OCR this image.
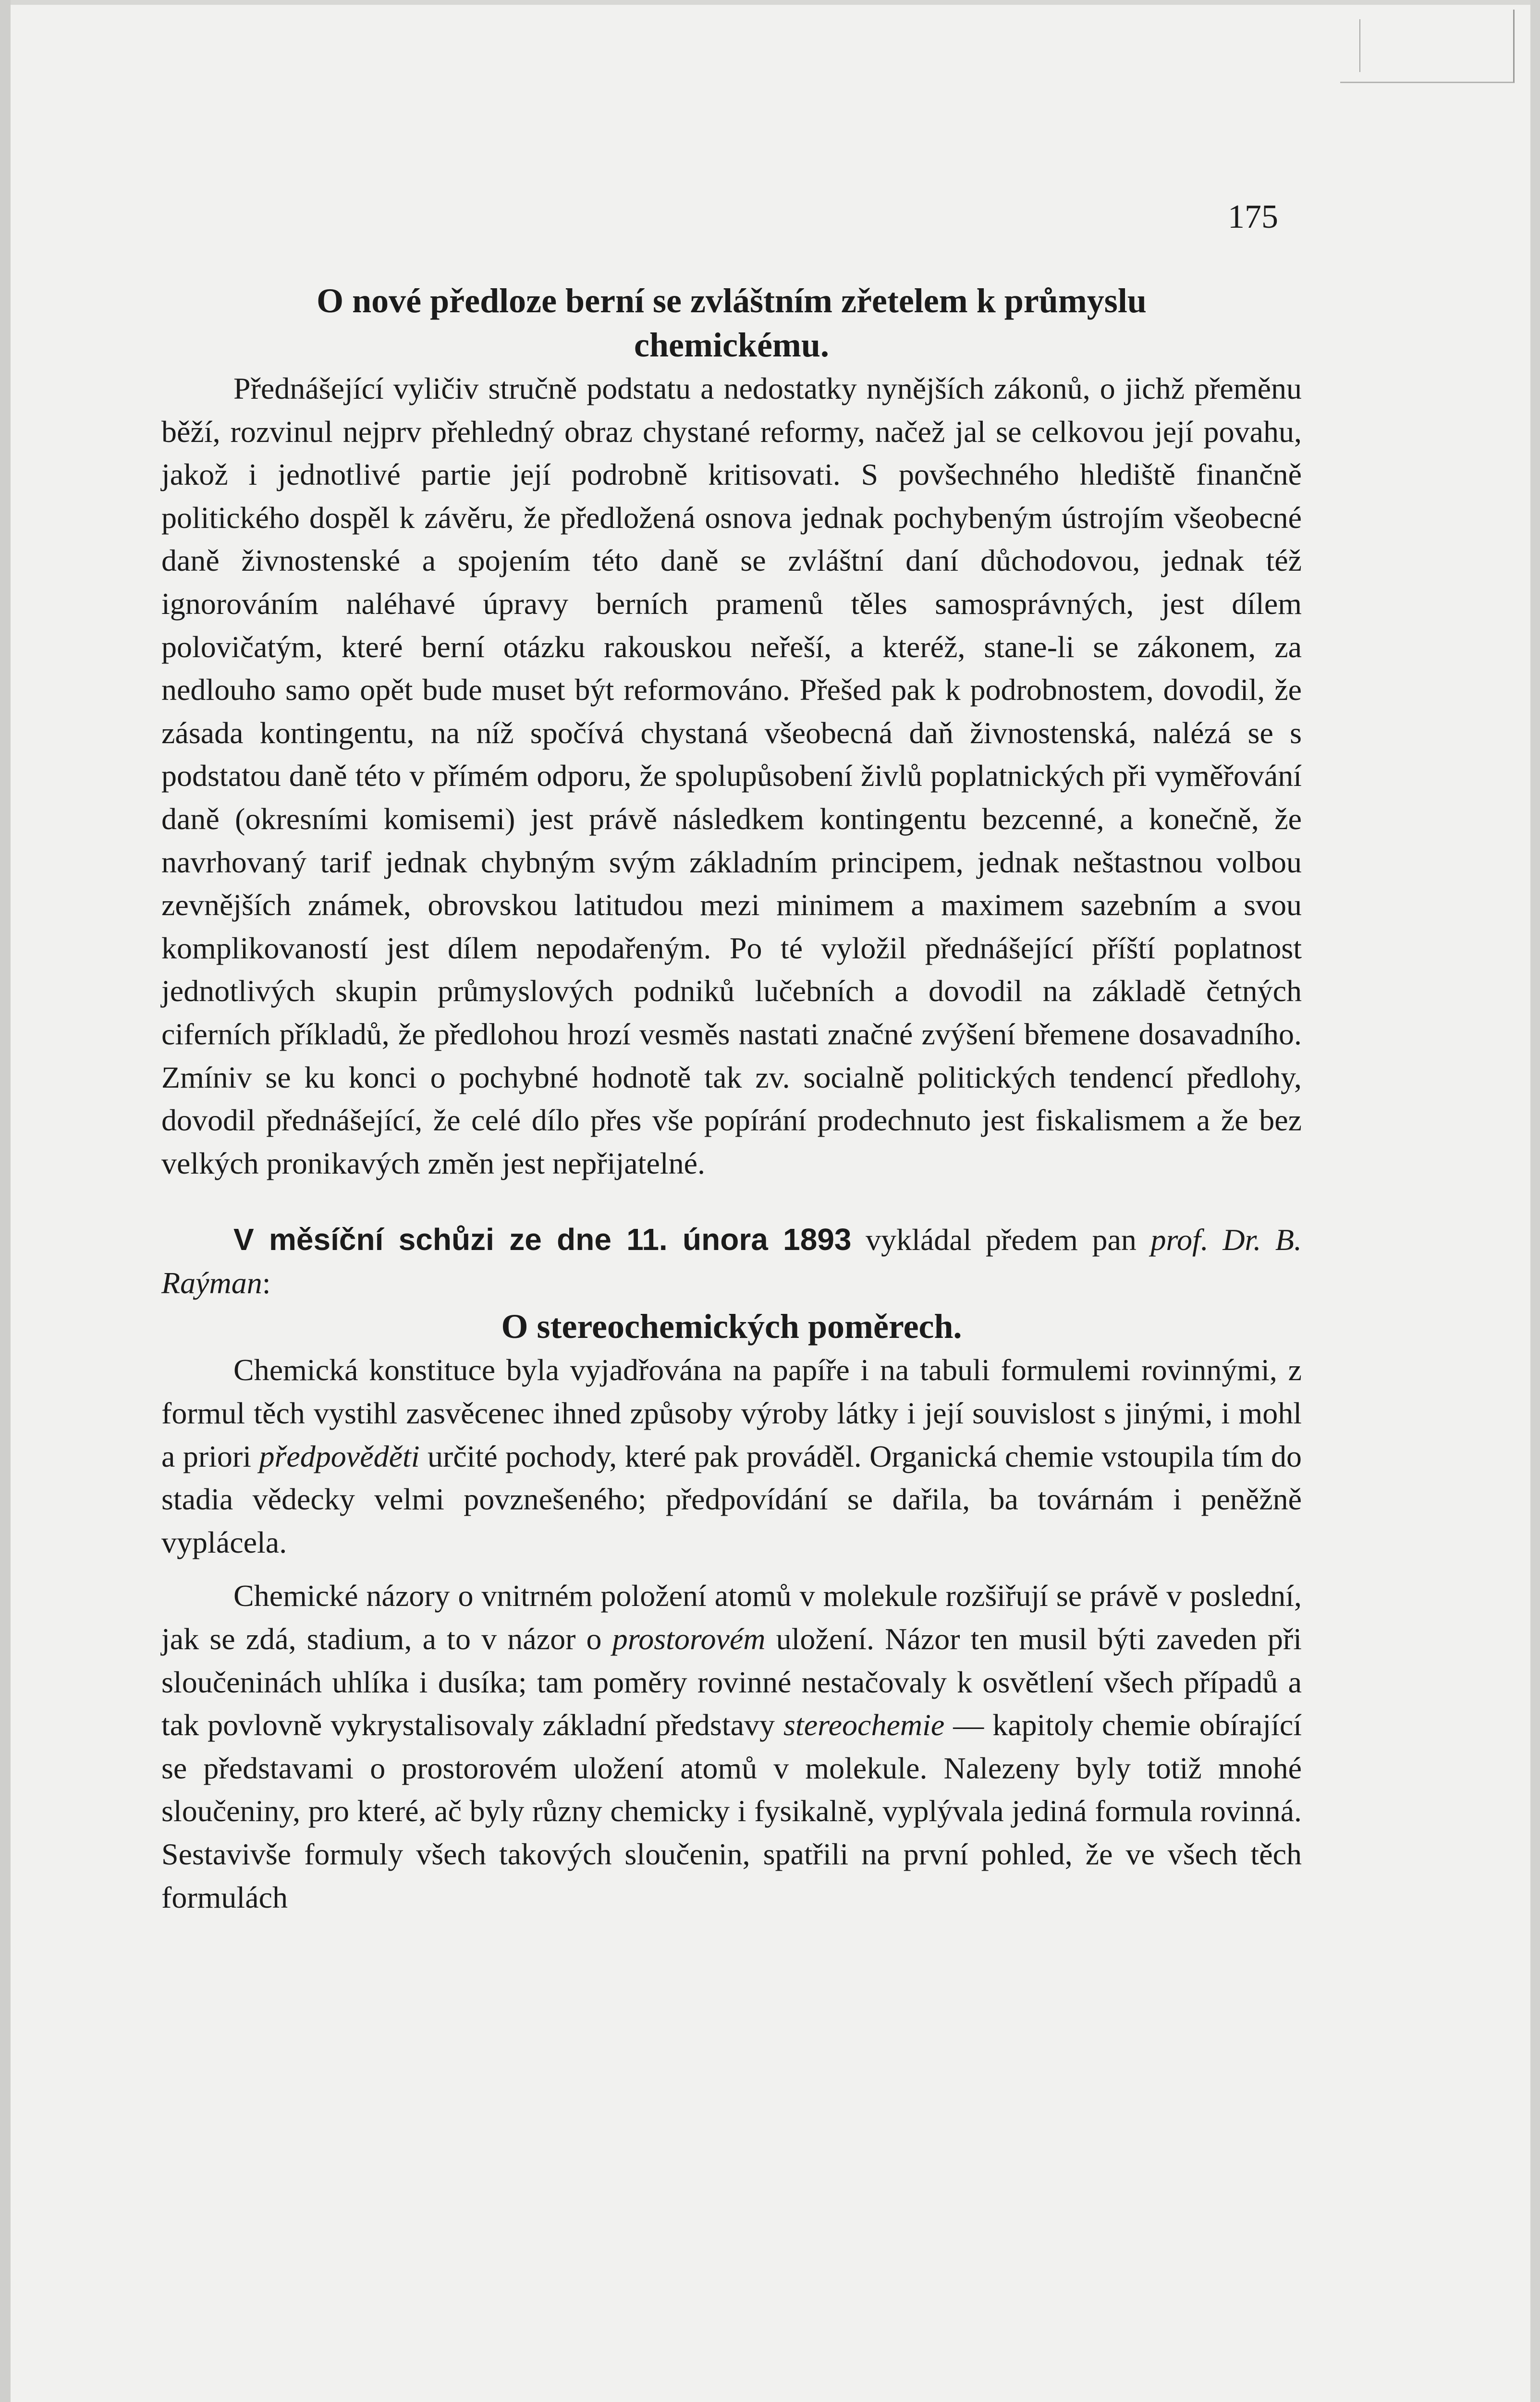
175
O nové předloze berní se zvláštním zřetelem k průmyslu
chemickému.

Přednášející vyličiv stručně podstatu a nedostatky nynějších zákonů, o jichž přeměnu běží, rozvinul nejprv přehledný obraz chystané reformy, načež jal se celkovou její povahu, jakož i jednotlivé partie její podrobně kritisovati. S povšechného hlediště finančně politického dospěl k závěru, že předložená osnova jednak pochybeným ústrojím všeobecné daně živnostenské a spojením této daně se zvláštní daní důchodovou, jednak též ignorováním naléhavé úpravy berních pramenů těles samosprávných, jest dílem polovičatým, které berní otázku rakouskou neřeší, a kteréž, stane-li se zákonem, za nedlouho samo opět bude muset být reformováno. Přešed pak k podrobnostem, dovodil, že zásada kontingentu, na níž spočívá chystaná všeobecná daň živnostenská, nalézá se s podstatou daně této v přímém odporu, že spolupůsobení živlů poplatnických při vyměřování daně (okresními komisemi) jest právě následkem kontingentu bezcenné, a konečně, že navrhovaný tarif jednak chybným svým základním principem, jednak neštastnou volbou zevnějších známek, obrovskou latitudou mezi minimem a maximem sazebním a svou komplikovaností jest dílem nepodařeným. Po té vyložil přednášející příští poplatnost jednotlivých skupin průmyslových podniků lučebních a dovodil na základě četných ciferních příkladů, že předlohou hrozí vesměs nastati značné zvýšení břemene dosavadního. Zmíniv se ku konci o pochybné hodnotě tak zv. socialně politických tendencí předlohy, dovodil přednášející, že celé dílo přes vše popírání prodechnuto jest fiskalismem a že bez velkých pronikavých změn jest nepřijatelné.

V měsíční schůzi ze dne 11. února 1893 vykládal předem pan prof. Dr. B. Raýman:

O stereochemických poměrech.

Chemická konstituce byla vyjadřována na papíře i na tabuli formulemi rovinnými, z formul těch vystihl zasvěcenec ihned způsoby výroby látky i její souvislost s jinými, i mohl a priori předpověděti určité pochody, které pak prováděl. Organická chemie vstoupila tím do stadia vědecky velmi povznešeného; předpovídání se dařila, ba továrnám i peněžně vyplácela.

Chemické názory o vnitrném položení atomů v molekule rozšiřují se právě v poslední, jak se zdá, stadium, a to v názor o prostorovém uložení. Názor ten musil býti zaveden při sloučeninách uhlíka i dusíka; tam poměry rovinné nestačovaly k osvětlení všech případů a tak povlovně vykrystalisovaly základní představy stereochemie — kapitoly chemie obírající se představami o prostorovém uložení atomů v molekule. Nalezeny byly totiž mnohé sloučeniny, pro které, ač byly různy chemicky i fysikalně, vyplývala jediná formula rovinná. Sestavivše formuly všech takových sloučenin, spatřili na první pohled, že ve všech těch formulách
